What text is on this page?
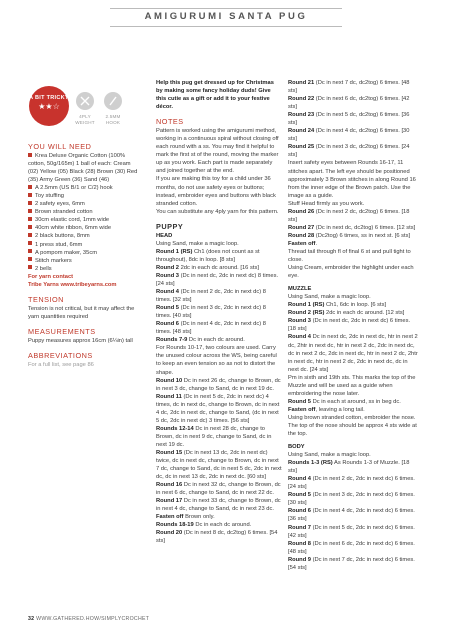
AMIGURUMI SANTA PUG
A BIT TRICKY
★★☆
4PLY
WEIGHT
2.5MM
HOOK
YOU WILL NEED
Krea Deluxe Organic Cotton (100% cotton, 50g/165m) 1 ball of each: Cream (02) Yellow (05) Black (28) Brown (30) Red (35) Army Green (36) Sand (46)
A 2.5mm (US B/1 or C/2) hook
Toy stuffing
2 safety eyes, 6mm
Brown stranded cotton
30cm elastic cord, 1mm wide
40cm white ribbon, 6mm wide
2 black buttons, 8mm
1 press stud, 6mm
A pompom maker, 35cm
Stitch markers
2 bells
For yarn contact
Tribe Yarns www.tribeyarns.com
TENSION
Tension is not critical, but it may affect the yarn quantities required
MEASUREMENTS
Puppy measures approx 16cm (6¼in) tall
ABBREVIATIONS
For a full list, see page 86
Help this pug get dressed up for Christmas by making some fancy holiday duds! Give this cutie as a gift or add it to your festive décor.
NOTES
Pattern is worked using the amigurumi method, working in a continuous spiral without closing off each round with a ss. You may find it helpful to mark the first st of the round, moving the marker up as you work. Each part is made separately and joined together at the end.
If you are making this toy for a child under 36 months, do not use safety eyes or buttons; instead, embroider eyes and buttons with black stranded cotton.
You can substitute any 4ply yarn for this pattern.
PUPPY
HEAD
Using Sand, make a magic loop.
Round 1 (RS) Ch1 (does not count as st throughout), 8dc in loop. [8 sts]
Round 2 2dc in each dc around. [16 sts]
Round 3 (Dc in next dc, 2dc in next dc) 8 times. [24 sts]
Round 4 (Dc in next 2 dc, 2dc in next dc) 8 times. [32 sts]
Round 5 (Dc in next 3 dc, 2dc in next dc) 8 times. [40 sts]
Round 6 (Dc in next 4 dc, 2dc in next dc) 8 times. [48 sts]
Rounds 7-9 Dc in each dc around.
For Rounds 10-17, two colours are used. Carry the unused colour across the WS, being careful to keep an even tension so as not to distort the shape.
Round 10 Dc in next 26 dc, change to Brown, dc in next 3 dc, change to Sand, dc in next 19 dc.
Round 11 (Dc in next 5 dc, 2dc in next dc) 4 times, dc in next dc, change to Brown, dc in next 4 dc, 2dc in next dc, change to Sand, (dc in next 5 dc, 2dc in next dc) 3 times. [56 sts]
Rounds 12-14 Dc in next 28 dc, change to Brown, dc in next 9 dc, change to Sand, dc in next 19 dc.
Round 15 (Dc in next 13 dc, 2dc in next dc) twice, dc in next dc, change to Brown, dc in next 7 dc, change to Sand, dc in next 5 dc, 2dc in next dc, dc in next 13 dc, 2dc in next dc. [60 sts]
Round 16 Dc in next 32 dc, change to Brown, dc in next 6 dc, change to Sand, dc in next 22 dc.
Round 17 Dc in next 33 dc, change to Brown, dc in next 4 dc, change to Sand, dc in next 23 dc.
Fasten off Brown only.
Rounds 18-19 Dc in each dc around.
Round 20 (Dc in next 8 dc, dc2tog) 6 times. [54 sts]
Round 21 (Dc in next 7 dc, dc2tog) 6 times. [48 sts]
Round 22 (Dc in next 6 dc, dc2tog) 6 times. [42 sts]
Round 23 (Dc in next 5 dc, dc2tog) 6 times. [36 sts]
Round 24 (Dc in next 4 dc, dc2tog) 6 times. [30 sts]
Round 25 (Dc in next 3 dc, dc2tog) 6 times. [24 sts]
Insert safety eyes between Rounds 16-17, 11 stitches apart. The left eye should be positioned approximately 3 Brown stitches in along Round 16 from the inner edge of the Brown patch. Use the image as a guide.
Stuff Head firmly as you work.
Round 26 (Dc in next 2 dc, dc2tog) 6 times. [18 sts]
Round 27 (Dc in next dc, dc2tog) 6 times. [12 sts]
Round 28 (Dc2tog) 6 times, ss in next st. [6 sts]
Fasten off.
Thread tail through fl of final 6 st and pull tight to close.
Using Cream, embroider the highlight under each eye.
MUZZLE
Using Sand, make a magic loop.
Round 1 (RS) Ch1, 6dc in loop. [6 sts]
Round 2 (RS) 2dc in each dc around. [12 sts]
Round 3 (Dc in next dc, 2dc in next dc) 6 times. [18 sts]
Round 4 Dc in next dc, 2dc in next dc, htr in next 2 dc, 2htr in next dc, htr in next 2 dc, 2dc in next dc, dc in next 2 dc, 2dc in next dc, htr in next 2 dc, 2htr in next dc, htr in next 2 dc, 2dc in next dc, dc in next dc. [24 sts]
Pm in sixth and 19th sts. This marks the top of the Muzzle and will be used as a guide when embroidering the nose later.
Round 5 Dc in each st around, ss in beg dc.
Fasten off, leaving a long tail.
Using brown stranded cotton, embroider the nose. The top of the nose should be approx 4 sts wide at the top.
BODY
Using Sand, make a magic loop.
Rounds 1-3 (RS) As Rounds 1-3 of Muzzle. [18 sts]
Round 4 (Dc in next 2 dc, 2dc in next dc) 6 times. [24 sts]
Round 5 (Dc in next 3 dc, 2dc in next dc) 6 times. [30 sts]
Round 6 (Dc in next 4 dc, 2dc in next dc) 6 times. [36 sts]
Round 7 (Dc in next 5 dc, 2dc in next dc) 6 times. [42 sts]
Round 8 (Dc in next 6 dc, 2dc in next dc) 6 times. [48 sts]
Round 9 (Dc in next 7 dc, 2dc in next dc) 6 times. [54 sts]
32 WWW.GATHERED.HOW/SIMPLYCROCHET
